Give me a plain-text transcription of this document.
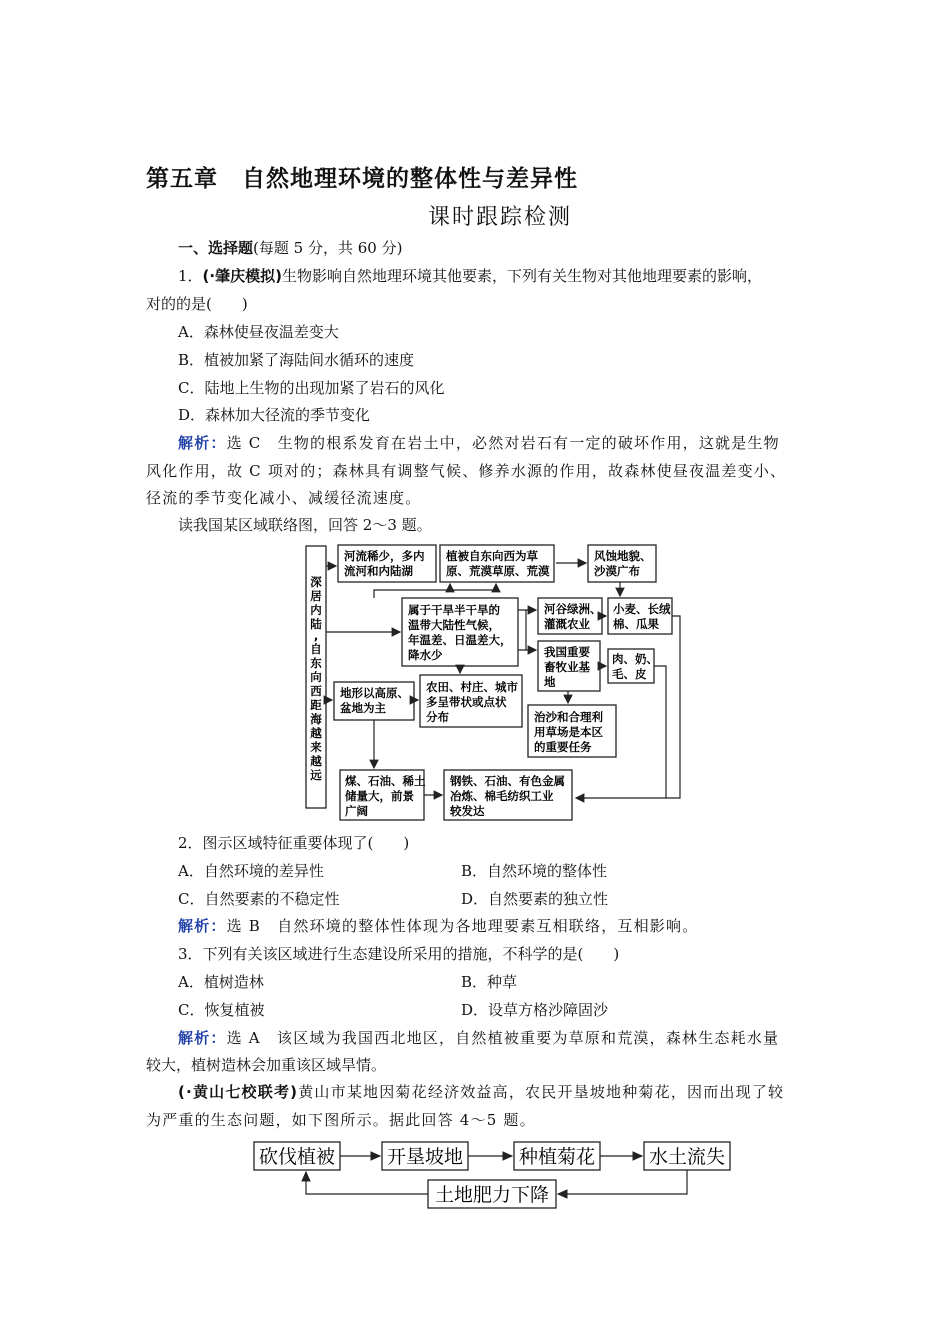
第五章　自然地理环境的整体性与差异性
课时跟踪检测
一、选择题(每题 5 分，共 60 分)
1．(·肇庆模拟)生物影响自然地理环境其他要素，下列有关生物对其他地理要素的影响，
对的的是(　　)
A．森林使昼夜温差变大
B．植被加紧了海陆间水循环的速度
C．陆地上生物的出现加紧了岩石的风化
D．森林加大径流的季节变化
解析：选 C　生物的根系发育在岩土中，必然对岩石有一定的破坏作用，这就是生物
风化作用，故 C 项对的；森林具有调整气候、修养水源的作用，故森林使昼夜温差变小、
径流的季节变化减小、减缓径流速度。
读我国某区域联络图，回答 2～3 题。
深
居
内
陆
,
自
东
向
西
距
海
越
来
越
远
河流稀少，多内
流河和内陆湖
植被自东向西为草
原、荒漠草原、荒漠
风蚀地貌、
沙漠广布
属于干旱半干旱的
温带大陆性气候，
年温差、日温差大，
降水少
河谷绿洲、
灌溉农业
小麦、长绒
棉、瓜果
我国重要
畜牧业基
地
肉、奶、
毛、皮
地形以高原、
盆地为主
农田、村庄、城市
多呈带状或点状
分布	治沙和合理利
用草场是本区
的重要任务
煤、石油、稀土
储量大，前景
广阔
钢铁、石油、有色金属
冶炼、棉毛纺织工业
较发达
2．图示区域特征重要体现了(　　)
A．自然环境的差异性	B．自然环境的整体性
C．自然要素的不稳定性	D．自然要素的独立性
解析：选 B　自然环境的整体性体现为各地理要素互相联络，互相影响。
3．下列有关该区域进行生态建设所采用的措施，不科学的是(　　)
A．植树造林	B．种草
C．恢复植被	D．设草方格沙障固沙
解析：选 A　该区域为我国西北地区，自然植被重要为草原和荒漠，森林生态耗水量
较大，植树造林会加重该区域旱情。
(·黄山七校联考)黄山市某地因菊花经济效益高，农民开垦坡地种菊花，因而出现了较
为严重的生态问题，如下图所示。据此回答 4～5 题。
砍伐植被	开垦坡地	种植菊花	水土流失
土地肥力下降
